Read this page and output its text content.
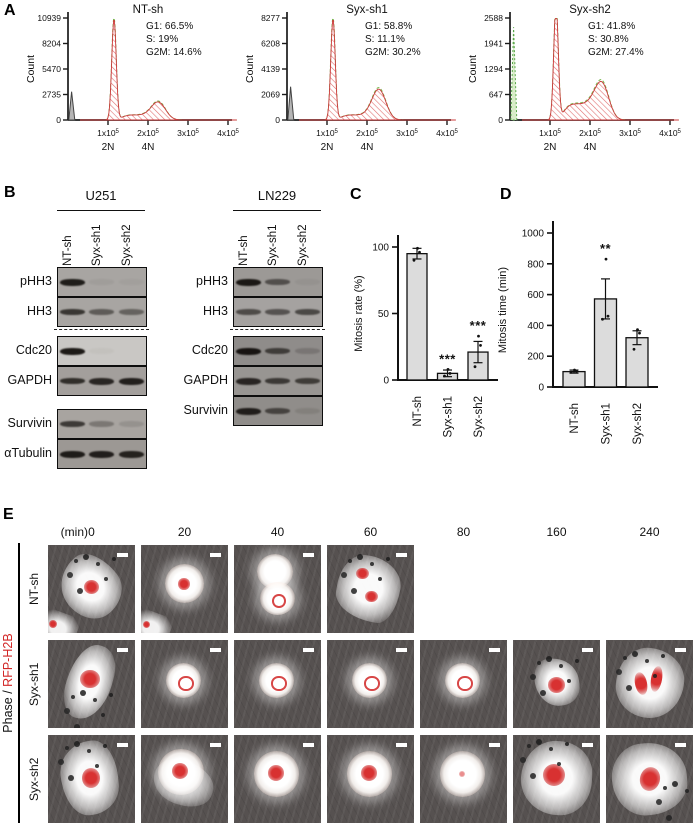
A
B	C	D
E
NT-sh
0
2735
5470
8204
10939
$1x10^5$ $2x10^5$ $3x10^5$ $4x10^5$
2N	4N
Count
G1: 66.5%
S: 19%
G2M: 14.6%
Syx-sh1
0
2069
4139
6208
8277
$1x10^5$ $2x10^5$ $3x10^5$ $4x10^5$
2N	4N
Count
G1: 58.8%
S: 11.1%
G2M: 30.2%
Syx-sh2
0
647
1294
1941
2588
$1x10^5$ $2x10^5$ $3x10^5$ $4x10^5$
2N	4N
Count
G1: 41.8%
S: 30.8%
G2M: 27.4%
U251
NT-sh	Syx-sh1	Syx-sh2
pHH3
HH3
Cdc20
GAPDH
Survivin
αTubulin
LN229
NT-sh	Syx-sh1	Syx-sh2
pHH3
HH3
Cdc20
GAPDH
Survivin
0
50
100
Mitosis rate (%)
NT-sh
***
Syx-sh1
***
Syx-sh2
0
200
400
600
800
1000
Mitosis time (min)
NT-sh
**
Syx-sh1 Syx-sh2
(min) 0	20	40	60	80	160	240
Phase / RFP-H2B
NT-sh
Syx-sh1
Syx-sh2
